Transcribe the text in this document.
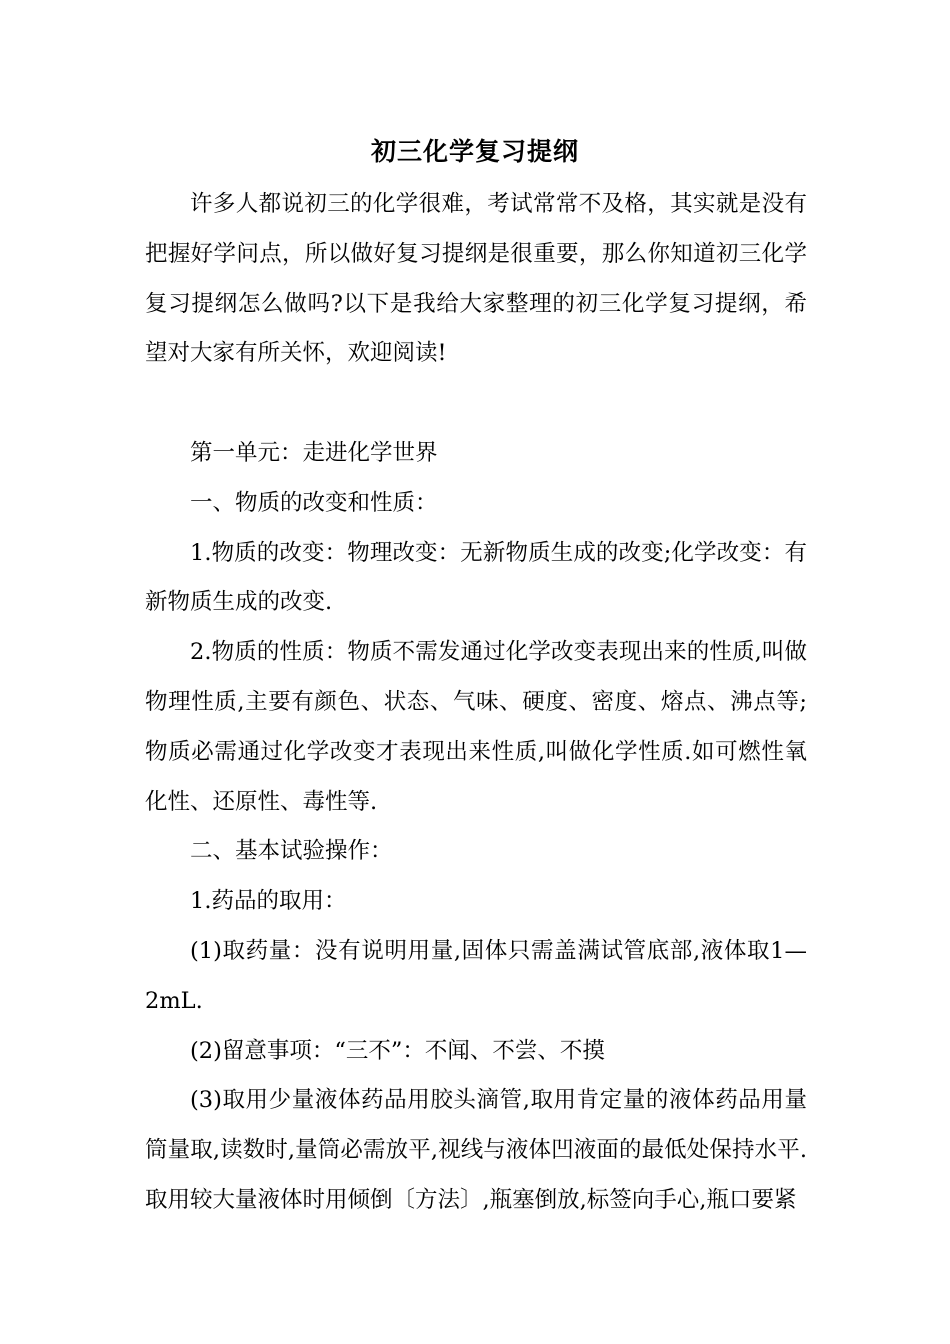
初三化学复习提纲

许多人都说初三的化学很难，考试常常不及格，其实就是没有把握好学问点，所以做好复习提纲是很重要，那么你知道初三化学复习提纲怎么做吗?以下是我给大家整理的初三化学复习提纲，希望对大家有所关怀，欢迎阅读!

第一单元：走进化学世界

一、物质的改变和性质：

1.物质的改变：物理改变：无新物质生成的改变;化学改变：有新物质生成的改变.

2.物质的性质：物质不需发通过化学改变表现出来的性质,叫做物理性质,主要有颜色、状态、气味、硬度、密度、熔点、沸点等;物质必需通过化学改变才表现出来性质,叫做化学性质.如可燃性氧化性、还原性、毒性等.

二、基本试验操作：

1.药品的取用：

(1)取药量：没有说明用量,固体只需盖满试管底部,液体取1—2mL.

(2)留意事项：“三不”：不闻、不尝、不摸

(3)取用少量液体药品用胶头滴管,取用肯定量的液体药品用量筒量取,读数时,量筒必需放平,视线与液体凹液面的最低处保持水平.取用较大量液体时用倾倒〔方法〕,瓶塞倒放,标签向手心,瓶口要紧
